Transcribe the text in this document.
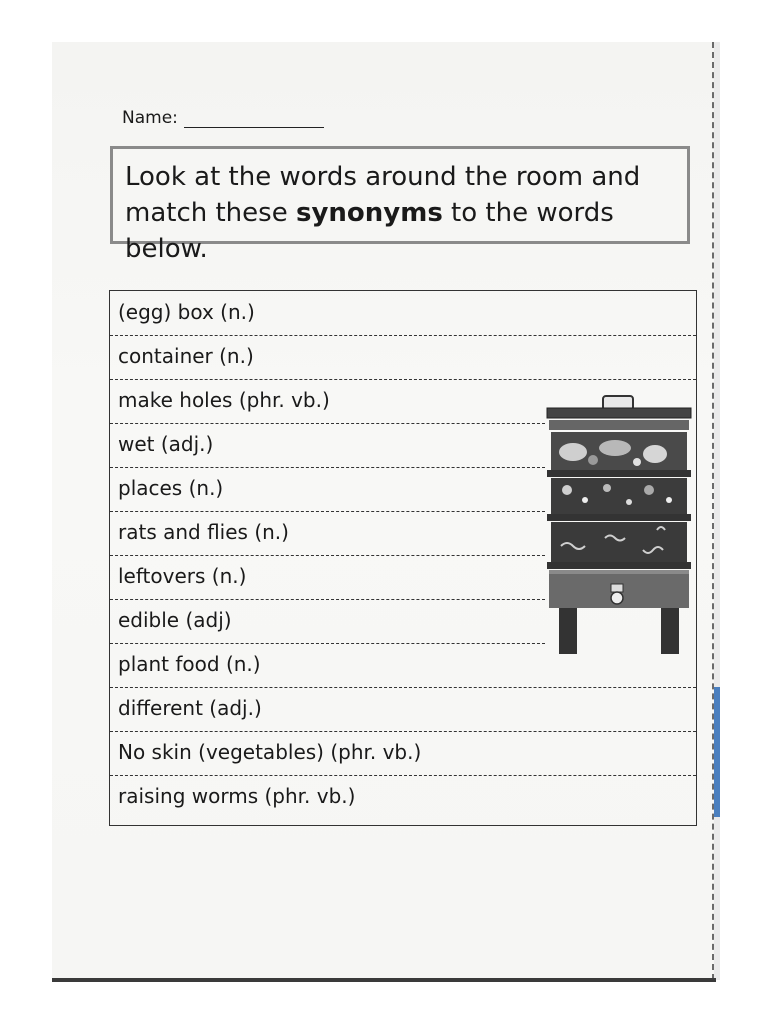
Name:
Look at the words around the room and match these synonyms to the words below.
(egg) box (n.)
container (n.)
make holes (phr. vb.)
wet (adj.)
places (n.)
rats and flies (n.)
leftovers (n.)
edible (adj)
plant food (n.)
different (adj.)
No skin (vegetables) (phr. vb.)
raising worms (phr. vb.)
